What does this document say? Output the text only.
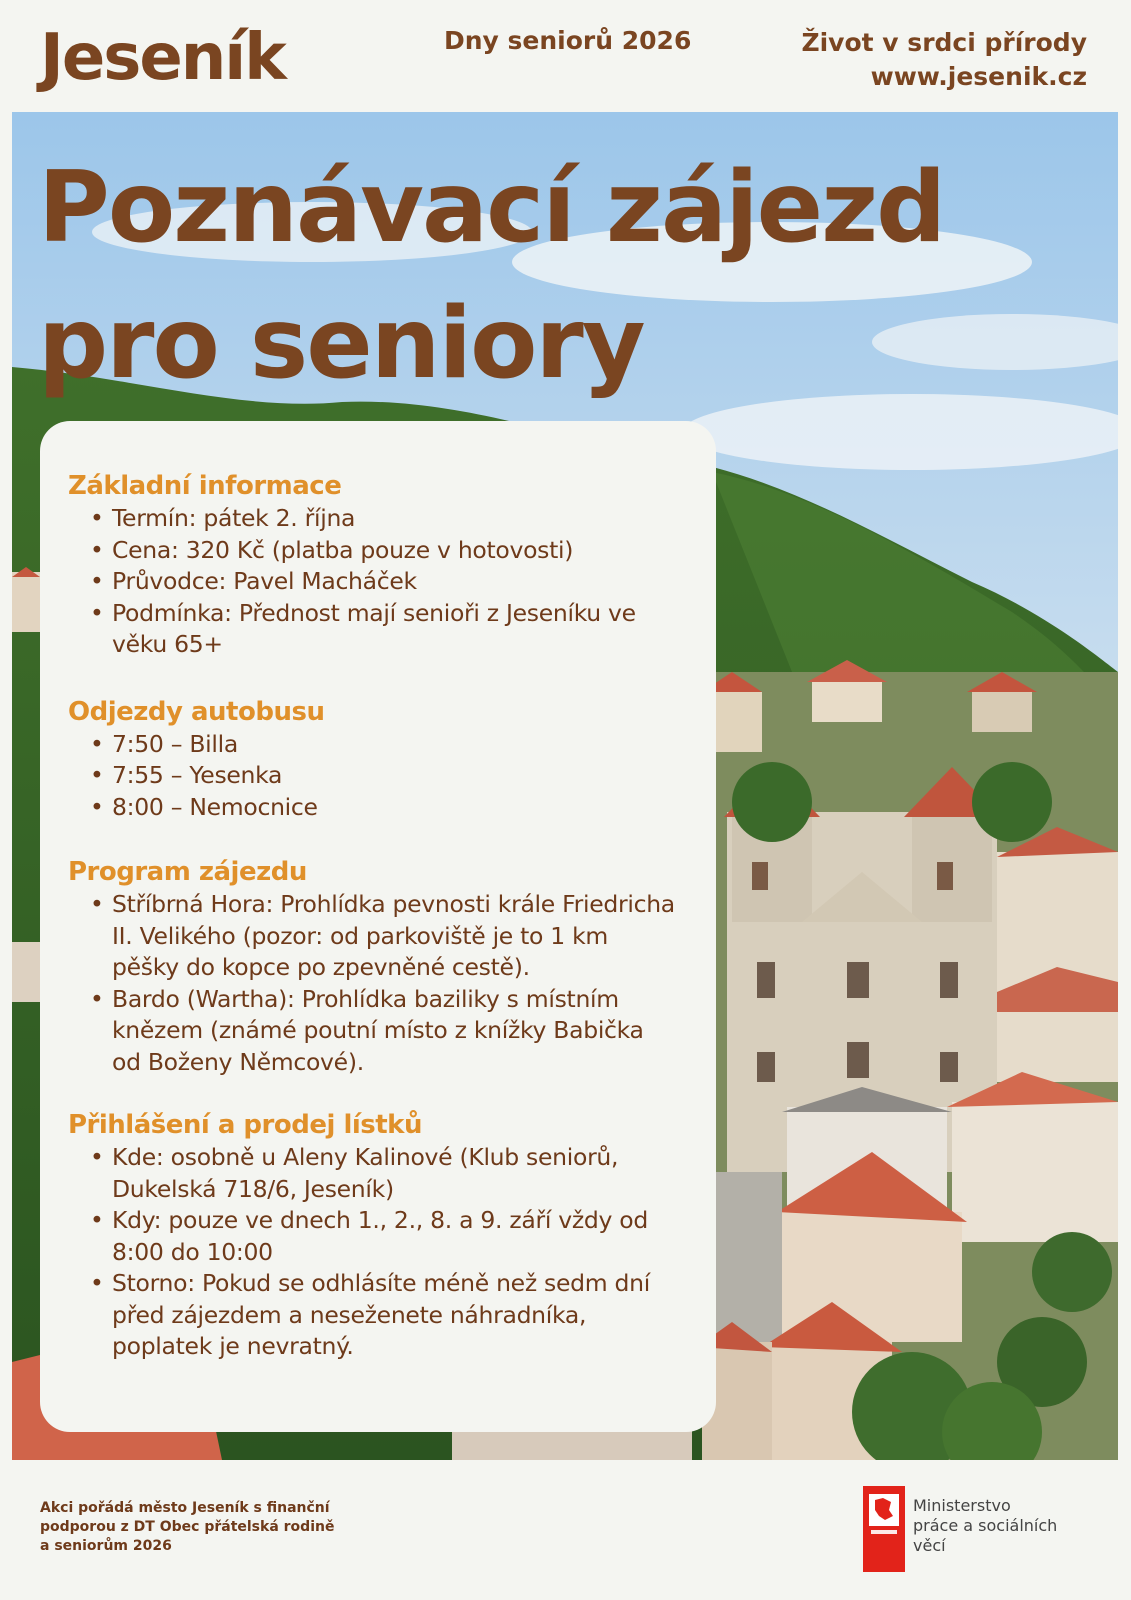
Jeseník	Dny seniorů 2026	Život v srdci přírody
www.jesenik.cz
Poznávací zájezd
pro seniory
Základní informace
• Termín: pátek 2. října
• Cena: 320 Kč (platba pouze v hotovosti)
• Průvodce: Pavel Macháček
• Podmínka: Přednost mají senioři z Jeseníku ve věku 65+
Odjezdy autobusu
• 7:50 – Billa
• 7:55 – Yesenka
• 8:00 – Nemocnice
Program zájezdu
• Stříbrná Hora: Prohlídka pevnosti krále Friedricha II. Velikého (pozor: od parkoviště je to 1 km pěšky do kopce po zpevněné cestě).
• Bardo (Wartha): Prohlídka baziliky s místním knězem (známé poutní místo z knížky Babička od Boženy Němcové).
Přihlášení a prodej lístků
• Kde: osobně u Aleny Kalinové (Klub seniorů, Dukelská 718/6, Jeseník)
• Kdy: pouze ve dnech 1., 2., 8. a 9. září vždy od 8:00 do 10:00
• Storno: Pokud se odhlásíte méně než sedm dní před zájezdem a neseženete náhradníka, poplatek je nevratný.
Akci pořádá město Jeseník s finanční
podporou z DT Obec přátelská rodině
a seniorům 2026
Ministerstvo
práce a sociálních věcí
